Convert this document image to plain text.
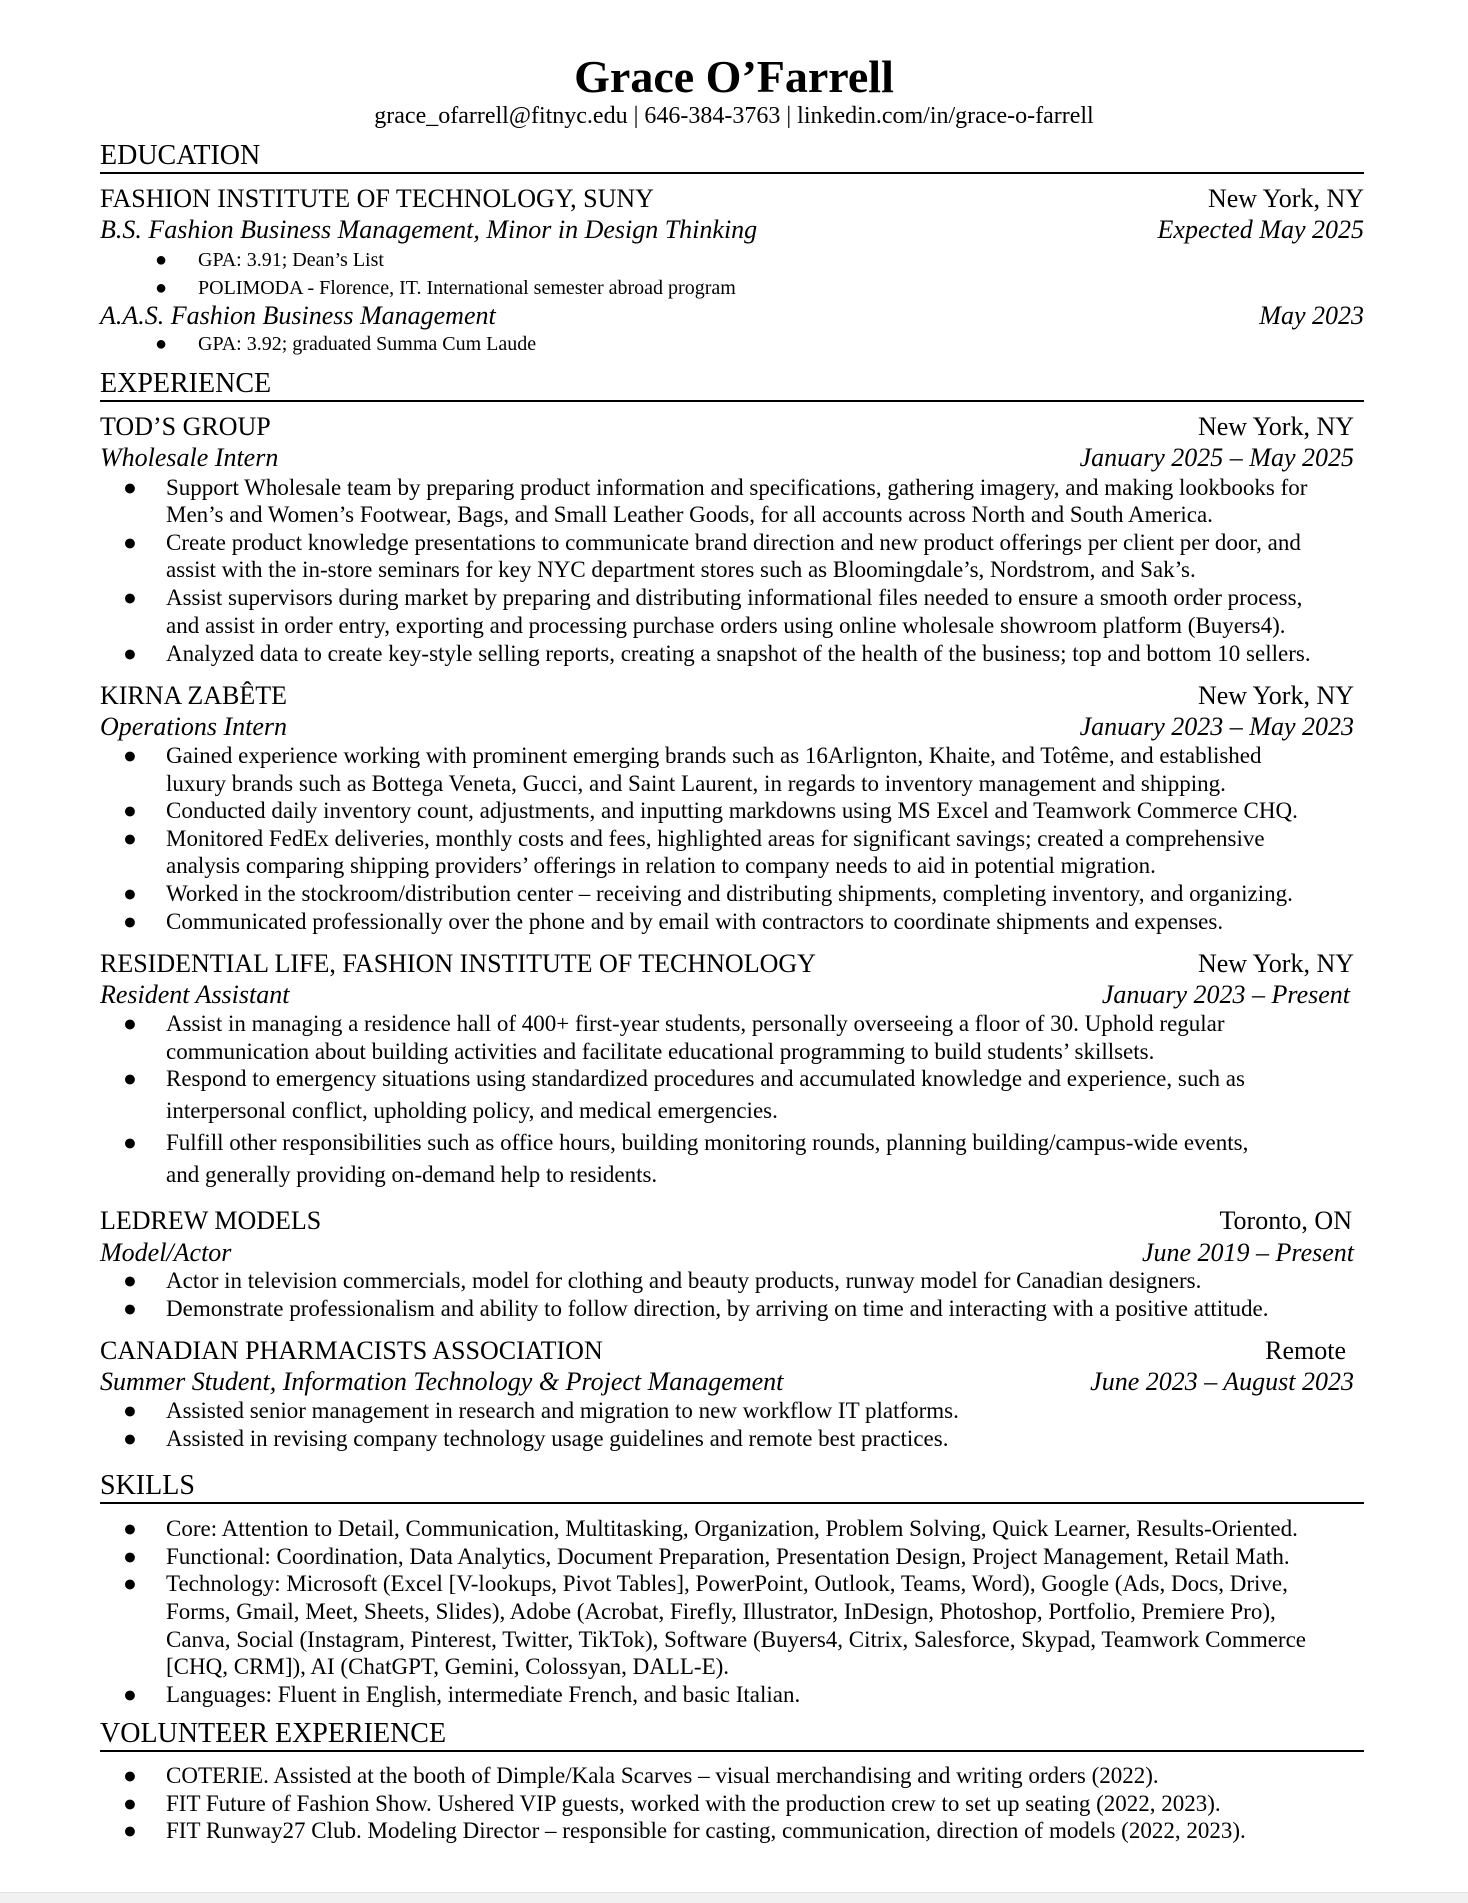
Grace O’Farrell
grace_ofarrell@fitnyc.edu | 646-384-3763 | linkedin.com/in/grace-o-farrell
EDUCATION
FASHION INSTITUTE OF TECHNOLOGY, SUNY	New York, NY
B.S. Fashion Business Management, Minor in Design Thinking	Expected May 2025
● GPA: 3.91; Dean’s List
● POLIMODA - Florence, IT. International semester abroad program
A.A.S. Fashion Business Management	May 2023
● GPA: 3.92; graduated Summa Cum Laude
EXPERIENCE
TOD’S GROUP	New York, NY
Wholesale Intern	January 2025 – May 2025
● Support Wholesale team by preparing product information and specifications, gathering imagery, and making lookbooks for
Men’s and Women’s Footwear, Bags, and Small Leather Goods, for all accounts across North and South America.
● Create product knowledge presentations to communicate brand direction and new product offerings per client per door, and
assist with the in-store seminars for key NYC department stores such as Bloomingdale’s, Nordstrom, and Sak’s.
● Assist supervisors during market by preparing and distributing informational files needed to ensure a smooth order process,
and assist in order entry, exporting and processing purchase orders using online wholesale showroom platform (Buyers4).
● Analyzed data to create key-style selling reports, creating a snapshot of the health of the business; top and bottom 10 sellers.
KIRNA ZABÊTE	New York, NY
Operations Intern	January 2023 – May 2023
● Gained experience working with prominent emerging brands such as 16Arlignton, Khaite, and Totême, and established
luxury brands such as Bottega Veneta, Gucci, and Saint Laurent, in regards to inventory management and shipping.
● Conducted daily inventory count, adjustments, and inputting markdowns using MS Excel and Teamwork Commerce CHQ.
● Monitored FedEx deliveries, monthly costs and fees, highlighted areas for significant savings; created a comprehensive
analysis comparing shipping providers’ offerings in relation to company needs to aid in potential migration.
● Worked in the stockroom/distribution center – receiving and distributing shipments, completing inventory, and organizing.
● Communicated professionally over the phone and by email with contractors to coordinate shipments and expenses.
RESIDENTIAL LIFE, FASHION INSTITUTE OF TECHNOLOGY	New York, NY
Resident Assistant	January 2023 – Present
● Assist in managing a residence hall of 400+ first-year students, personally overseeing a floor of 30. Uphold regular
communication about building activities and facilitate educational programming to build students’ skillsets.
● Respond to emergency situations using standardized procedures and accumulated knowledge and experience, such as
interpersonal conflict, upholding policy, and medical emergencies.
● Fulfill other responsibilities such as office hours, building monitoring rounds, planning building/campus-wide events,
and generally providing on-demand help to residents.
LEDREW MODELS	Toronto, ON
Model/Actor	June 2019 – Present
● Actor in television commercials, model for clothing and beauty products, runway model for Canadian designers.
● Demonstrate professionalism and ability to follow direction, by arriving on time and interacting with a positive attitude.
CANADIAN PHARMACISTS ASSOCIATION	Remote
Summer Student, Information Technology & Project Management	June 2023 – August 2023
● Assisted senior management in research and migration to new workflow IT platforms.
● Assisted in revising company technology usage guidelines and remote best practices.
SKILLS
● Core: Attention to Detail, Communication, Multitasking, Organization, Problem Solving, Quick Learner, Results-Oriented.
● Functional: Coordination, Data Analytics, Document Preparation, Presentation Design, Project Management, Retail Math.
● Technology: Microsoft (Excel [V-lookups, Pivot Tables], PowerPoint, Outlook, Teams, Word), Google (Ads, Docs, Drive,
Forms, Gmail, Meet, Sheets, Slides), Adobe (Acrobat, Firefly, Illustrator, InDesign, Photoshop, Portfolio, Premiere Pro),
Canva, Social (Instagram, Pinterest, Twitter, TikTok), Software (Buyers4, Citrix, Salesforce, Skypad, Teamwork Commerce
[CHQ, CRM]), AI (ChatGPT, Gemini, Colossyan, DALL-E).
● Languages: Fluent in English, intermediate French, and basic Italian.
VOLUNTEER EXPERIENCE
● COTERIE. Assisted at the booth of Dimple/Kala Scarves – visual merchandising and writing orders (2022).
● FIT Future of Fashion Show. Ushered VIP guests, worked with the production crew to set up seating (2022, 2023).
● FIT Runway27 Club. Modeling Director – responsible for casting, communication, direction of models (2022, 2023).
